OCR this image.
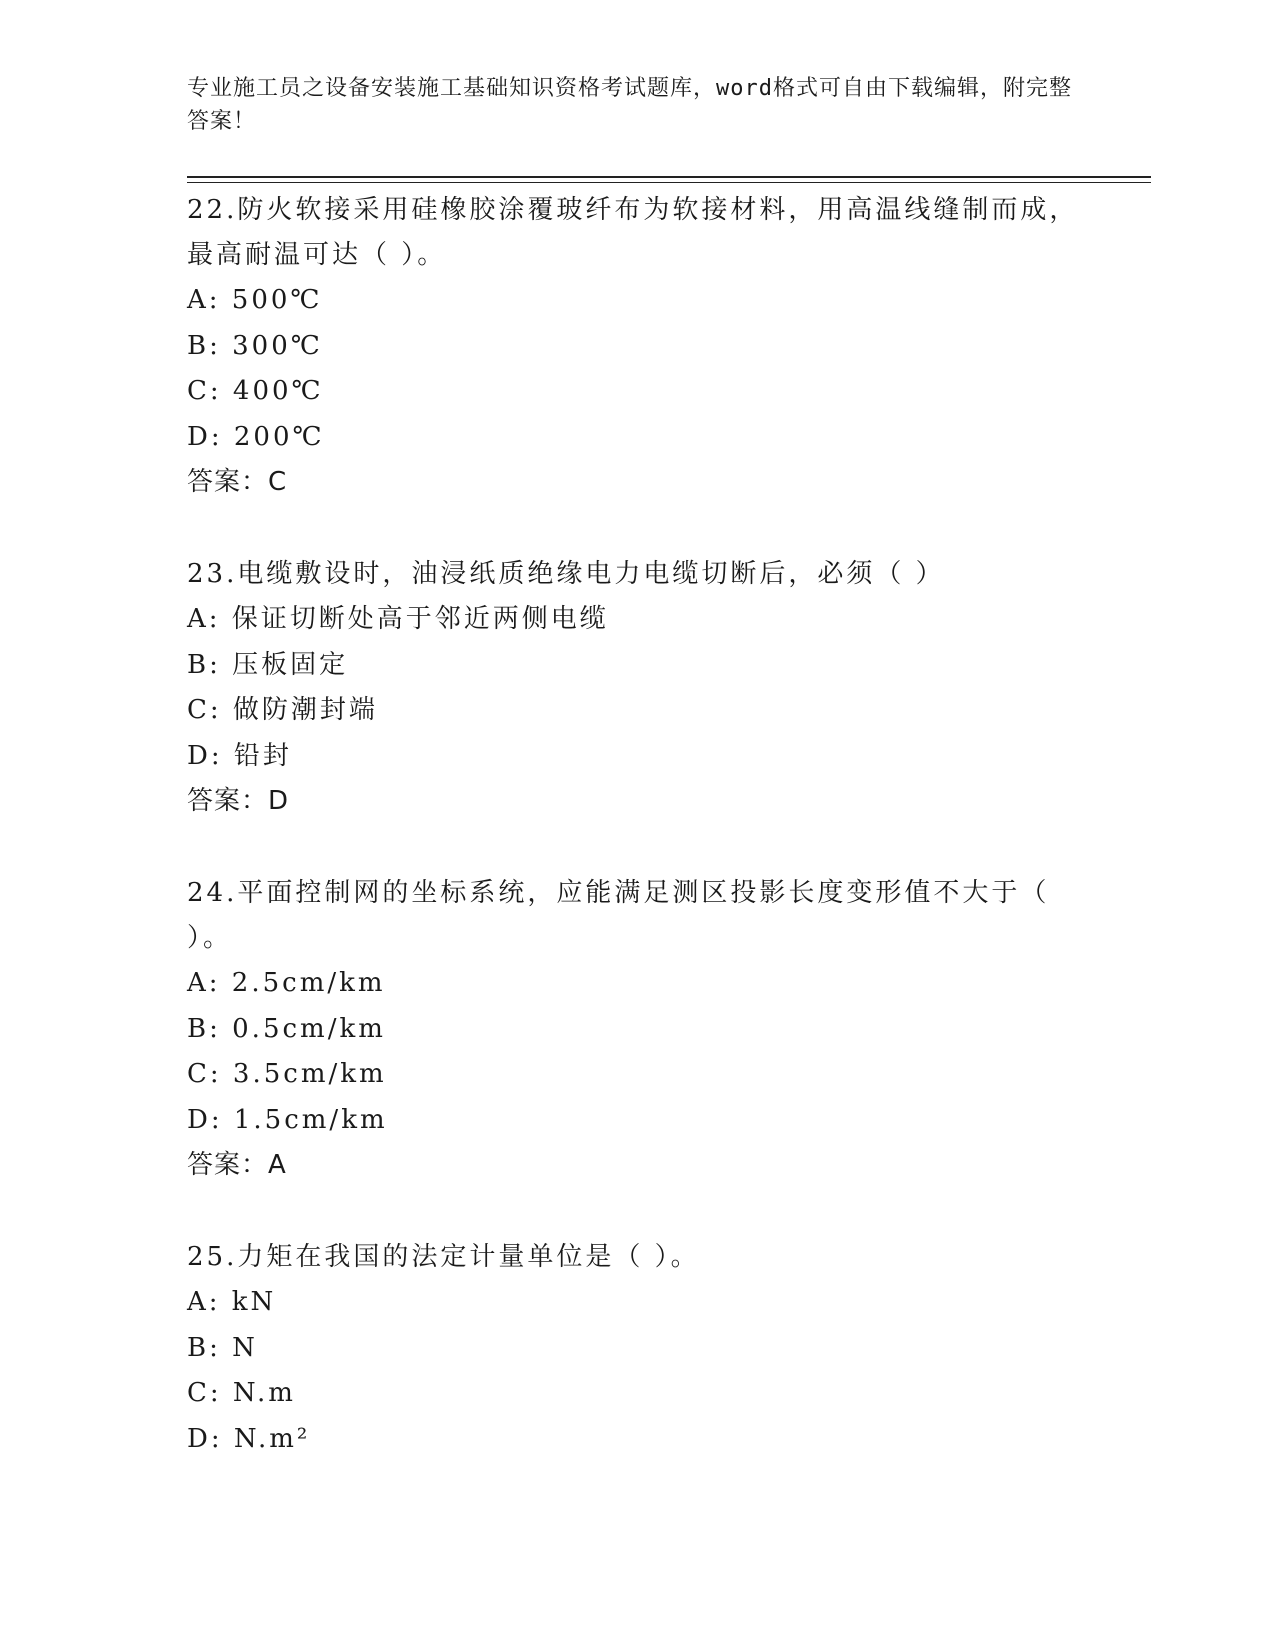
专业施工员之设备安装施工基础知识资格考试题库，word格式可自由下载编辑，附完整答案！

22.防火软接采用硅橡胶涂覆玻纤布为软接材料，用高温线缝制而成，最高耐温可达（ ）。

A: 500℃

B: 300℃

C: 400℃

D: 200℃

答案：C

23.电缆敷设时，油浸纸质绝缘电力电缆切断后，必须（ ）

A: 保证切断处高于邻近两侧电缆

B: 压板固定

C: 做防潮封端

D: 铅封

答案：D

24.平面控制网的坐标系统，应能满足测区投影长度变形值不大于（ ）。

A: 2.5cm/km

B: 0.5cm/km

C: 3.5cm/km

D: 1.5cm/km

答案：A

25.力矩在我国的法定计量单位是（ ）。

A: kN

B: N

C: N.m

D: N.m²
